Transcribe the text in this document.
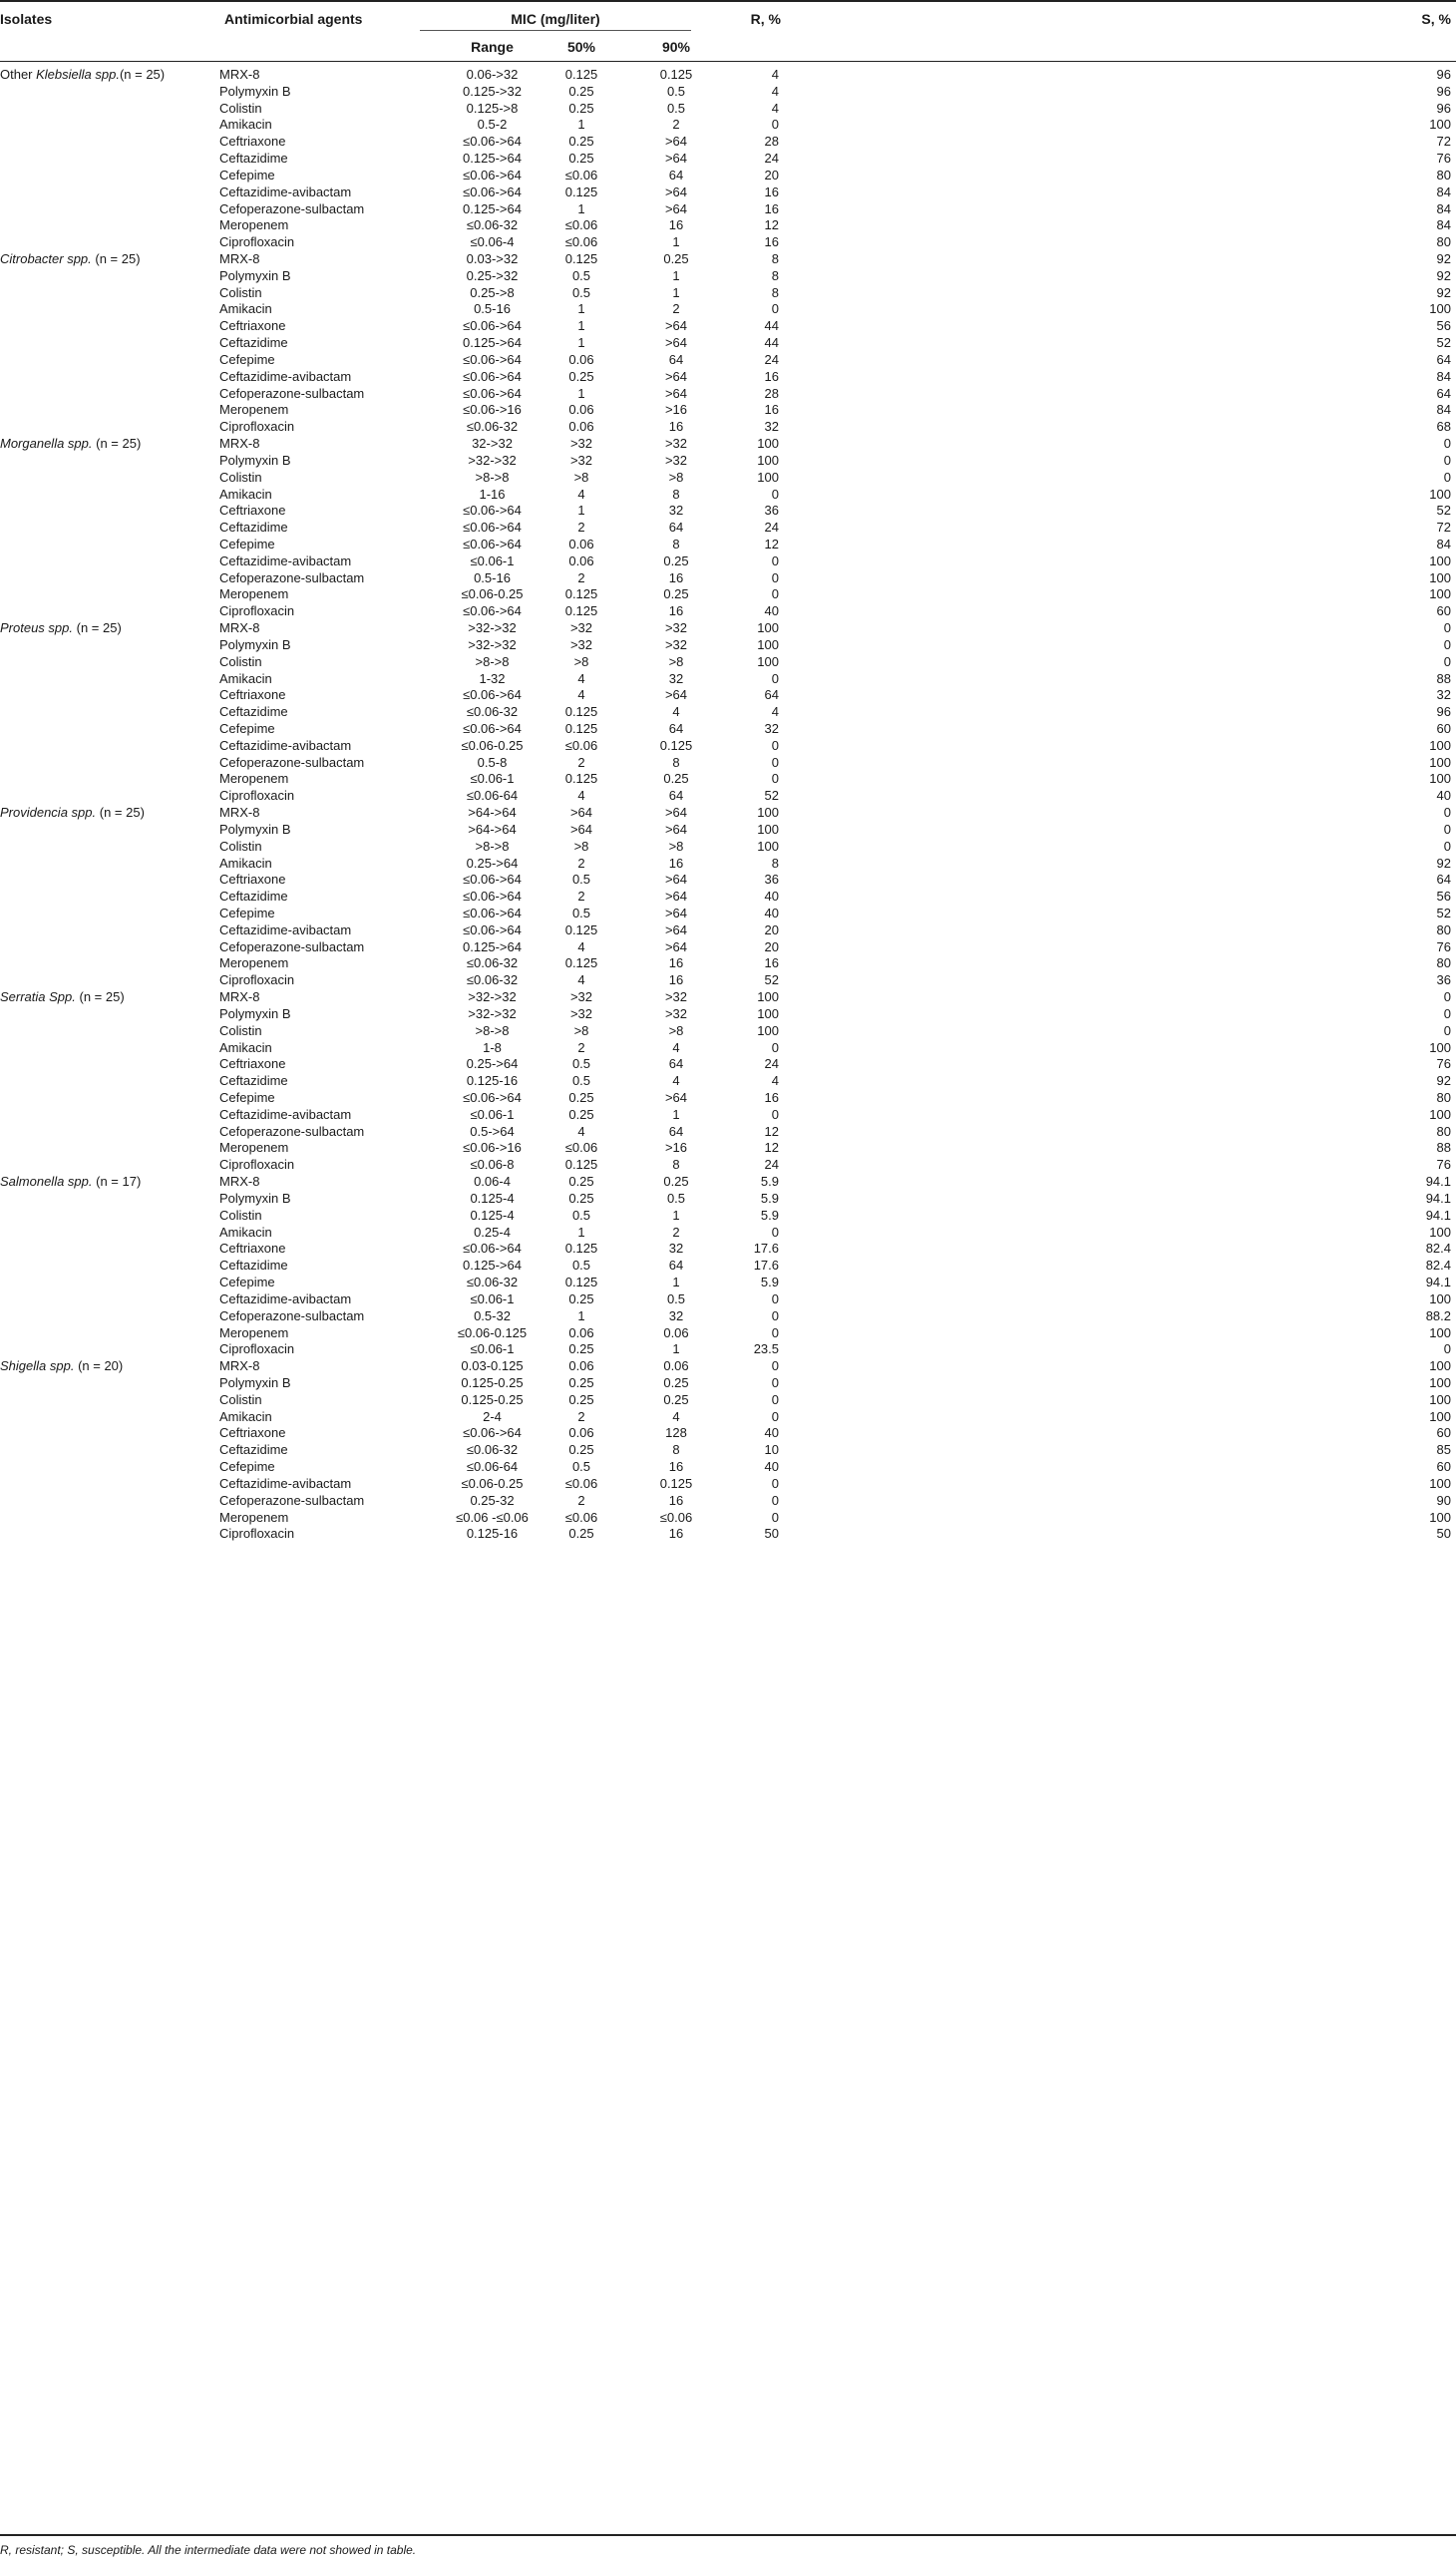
Isolates	Antimicorbial agents	MIC (mg/liter)	R, %	S, %
Range	50%	90%
Other Klebsiella spp.(n = 25)	MRX-8	0.06->32	0.125	0.125	4	96
Polymyxin B	0.125->32	0.25	0.5	4	96
Colistin	0.125->8	0.25	0.5	4	96
Amikacin	0.5-2	1	2	0	100
Ceftriaxone	≤0.06->64	0.25	>64	28	72
Ceftazidime	0.125->64	0.25	>64	24	76
Cefepime	≤0.06->64	≤0.06	64	20	80
Ceftazidime-avibactam	≤0.06->64	0.125	>64	16	84
Cefoperazone-sulbactam	0.125->64	1	>64	16	84
Meropenem	≤0.06-32	≤0.06	16	12	84
Ciprofloxacin	≤0.06-4	≤0.06	1	16	80
Citrobacter spp. (n = 25)	MRX-8	0.03->32	0.125	0.25	8	92
Polymyxin B	0.25->32	0.5	1	8	92
Colistin	0.25->8	0.5	1	8	92
Amikacin	0.5-16	1	2	0	100
Ceftriaxone	≤0.06->64	1	>64	44	56
Ceftazidime	0.125->64	1	>64	44	52
Cefepime	≤0.06->64	0.06	64	24	64
Ceftazidime-avibactam	≤0.06->64	0.25	>64	16	84
Cefoperazone-sulbactam	≤0.06->64	1	>64	28	64
Meropenem	≤0.06->16	0.06	>16	16	84
Ciprofloxacin	≤0.06-32	0.06	16	32	68
Morganella spp. (n = 25)	MRX-8	32->32	>32	>32	100	0
Polymyxin B	>32->32	>32	>32	100	0
Colistin	>8->8	>8	>8	100	0
Amikacin	1-16	4	8	0	100
Ceftriaxone	≤0.06->64	1	32	36	52
Ceftazidime	≤0.06->64	2	64	24	72
Cefepime	≤0.06->64	0.06	8	12	84
Ceftazidime-avibactam	≤0.06-1	0.06	0.25	0	100
Cefoperazone-sulbactam	0.5-16	2	16	0	100
Meropenem	≤0.06-0.25	0.125	0.25	0	100
Ciprofloxacin	≤0.06->64	0.125	16	40	60
Proteus spp. (n = 25)	MRX-8	>32->32	>32	>32	100	0
Polymyxin B	>32->32	>32	>32	100	0
Colistin	>8->8	>8	>8	100	0
Amikacin	1-32	4	32	0	88
Ceftriaxone	≤0.06->64	4	>64	64	32
Ceftazidime	≤0.06-32	0.125	4	4	96
Cefepime	≤0.06->64	0.125	64	32	60
Ceftazidime-avibactam	≤0.06-0.25	≤0.06	0.125	0	100
Cefoperazone-sulbactam	0.5-8	2	8	0	100
Meropenem	≤0.06-1	0.125	0.25	0	100
Ciprofloxacin	≤0.06-64	4	64	52	40
Providencia spp. (n = 25)	MRX-8	>64->64	>64	>64	100	0
Polymyxin B	>64->64	>64	>64	100	0
Colistin	>8->8	>8	>8	100	0
Amikacin	0.25->64	2	16	8	92
Ceftriaxone	≤0.06->64	0.5	>64	36	64
Ceftazidime	≤0.06->64	2	>64	40	56
Cefepime	≤0.06->64	0.5	>64	40	52
Ceftazidime-avibactam	≤0.06->64	0.125	>64	20	80
Cefoperazone-sulbactam	0.125->64	4	>64	20	76
Meropenem	≤0.06-32	0.125	16	16	80
Ciprofloxacin	≤0.06-32	4	16	52	36
Serratia Spp. (n = 25)	MRX-8	>32->32	>32	>32	100	0
Polymyxin B	>32->32	>32	>32	100	0
Colistin	>8->8	>8	>8	100	0
Amikacin	1-8	2	4	0	100
Ceftriaxone	0.25->64	0.5	64	24	76
Ceftazidime	0.125-16	0.5	4	4	92
Cefepime	≤0.06->64	0.25	>64	16	80
Ceftazidime-avibactam	≤0.06-1	0.25	1	0	100
Cefoperazone-sulbactam	0.5->64	4	64	12	80
Meropenem	≤0.06->16	≤0.06	>16	12	88
Ciprofloxacin	≤0.06-8	0.125	8	24	76
Salmonella spp. (n = 17)	MRX-8	0.06-4	0.25	0.25	5.9	94.1
Polymyxin B	0.125-4	0.25	0.5	5.9	94.1
Colistin	0.125-4	0.5	1	5.9	94.1
Amikacin	0.25-4	1	2	0	100
Ceftriaxone	≤0.06->64	0.125	32	17.6	82.4
Ceftazidime	0.125->64	0.5	64	17.6	82.4
Cefepime	≤0.06-32	0.125	1	5.9	94.1
Ceftazidime-avibactam	≤0.06-1	0.25	0.5	0	100
Cefoperazone-sulbactam	0.5-32	1	32	0	88.2
Meropenem	≤0.06-0.125	0.06	0.06	0	100
Ciprofloxacin	≤0.06-1	0.25	1	23.5	0
Shigella spp. (n = 20)	MRX-8	0.03-0.125	0.06	0.06	0	100
Polymyxin B	0.125-0.25	0.25	0.25	0	100
Colistin	0.125-0.25	0.25	0.25	0	100
Amikacin	2-4	2	4	0	100
Ceftriaxone	≤0.06->64	0.06	128	40	60
Ceftazidime	≤0.06-32	0.25	8	10	85
Cefepime	≤0.06-64	0.5	16	40	60
Ceftazidime-avibactam	≤0.06-0.25	≤0.06	0.125	0	100
Cefoperazone-sulbactam	0.25-32	2	16	0	90
Meropenem	≤0.06 -≤0.06	≤0.06	≤0.06	0	100
Ciprofloxacin	0.125-16	0.25	16	50	50
R, resistant; S, susceptible. All the intermediate data were not showed in table.
